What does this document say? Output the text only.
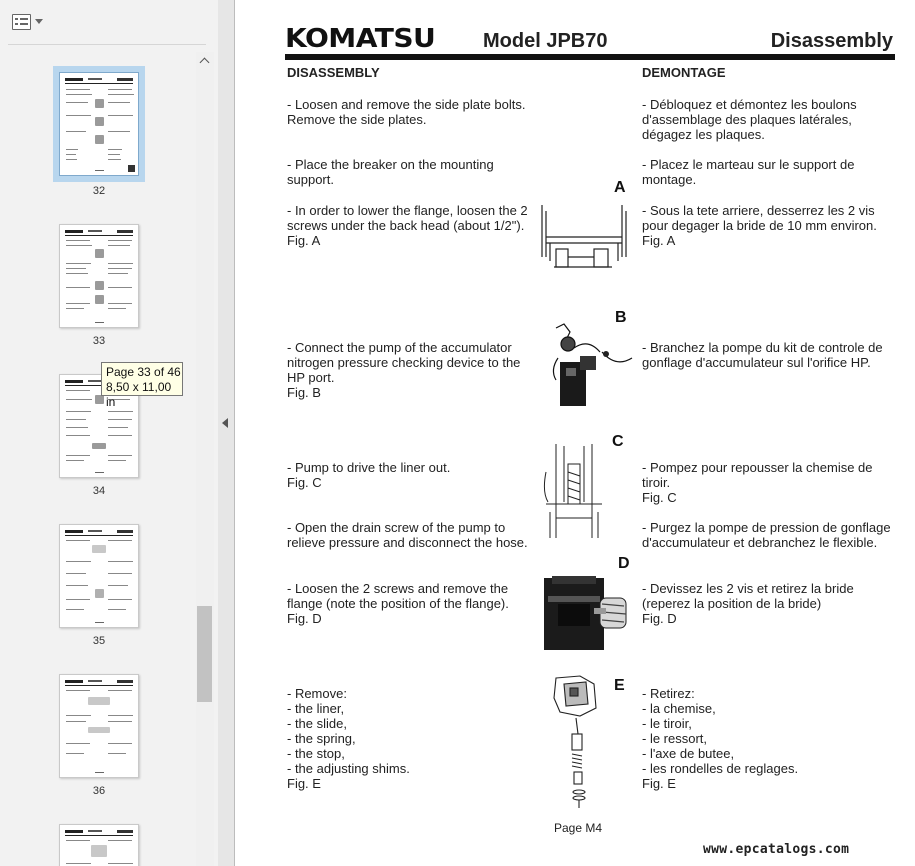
32
33
34
35
36
Page 33 of 46
8,50 x 11,00 in
KOMATSU Model JPB70	Disassembly
DISASSEMBLY	DEMONTAGE
- Loosen and remove the side plate bolts.
Remove the side plates.
- Débloquez et démontez les boulons
d'assemblage des plaques latérales,
dégagez les plaques.
- Place the breaker on the mounting
support.
- Placez le marteau sur le support de
montage.
- In order to lower the flange, loosen the 2
screws under the back head (about 1/2").
Fig. A
- Sous la tete arriere, desserrez les 2 vis
pour degager la bride de 10 mm environ.
Fig. A
- Connect the pump of the accumulator
nitrogen pressure checking device to the
HP port.
Fig. B
- Branchez la pompe du kit de controle de
gonflage d'accumulateur sul l'orifice HP.
- Pump to drive the liner out.
Fig. C
- Pompez pour repousser la chemise de
tiroir.
Fig. C
- Open the drain screw of the pump to
relieve pressure and disconnect the hose.
- Purgez la pompe de pression de gonflage
d'accumulateur et debranchez le flexible.
- Loosen the 2 screws and remove the
flange (note the position of the flange).
Fig. D
- Devissez les 2 vis et retirez la bride
(reperez la position de la bride)
Fig. D
- Remove:
- the liner,
- the slide,
- the spring,
- the stop,
- the adjusting shims.
Fig. E
- Retirez:
- la chemise,
- le tiroir,
- le ressort,
- l'axe de butee,
- les rondelles de reglages.
Fig. E
A
B
C
D
E
Page M4
www.epcatalogs.com
